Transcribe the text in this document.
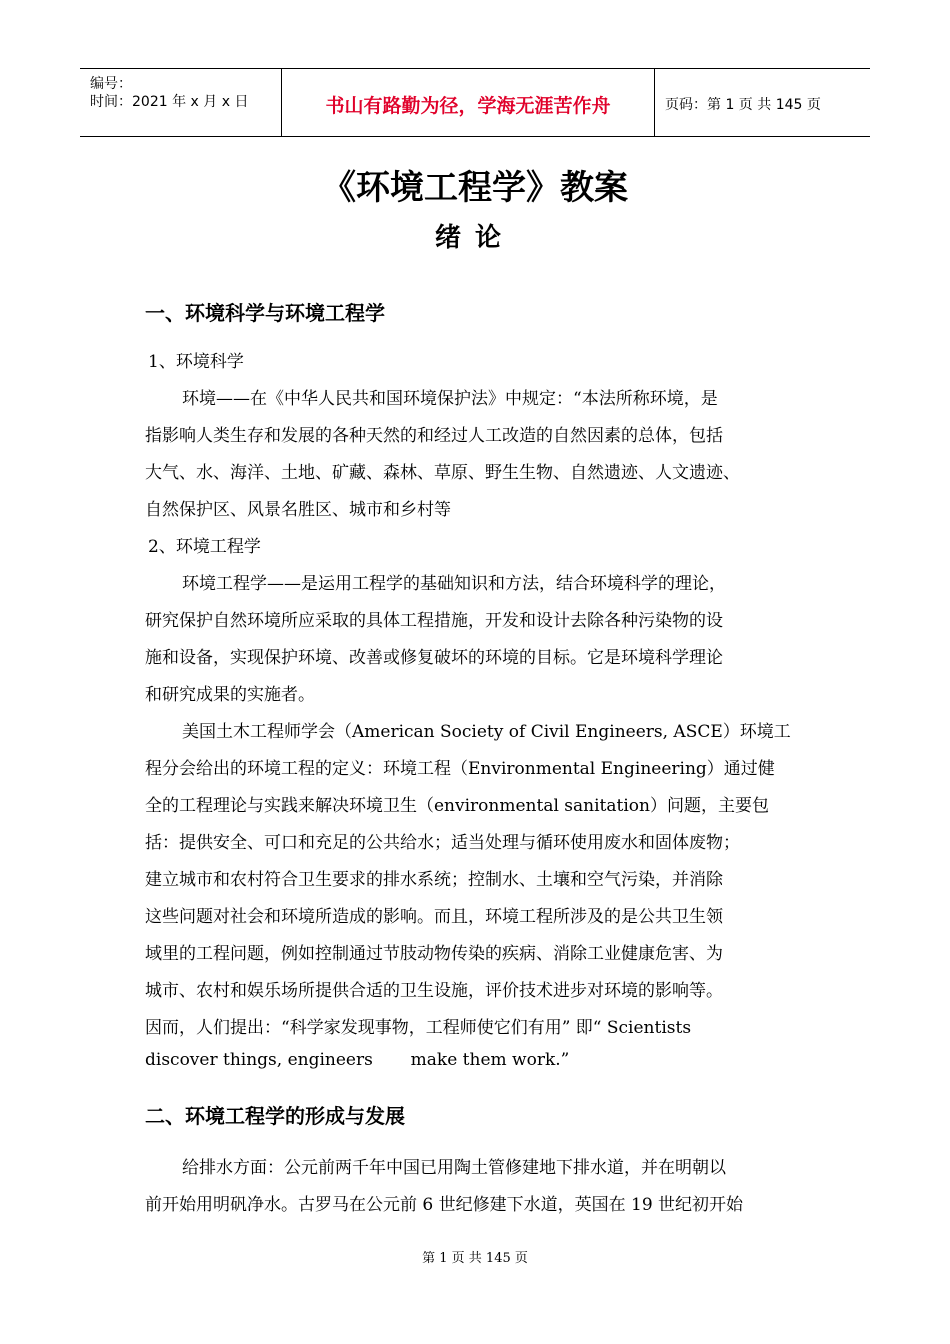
编号：
时间：2021 年 x 月 x 日	书山有路勤为径，学海无涯苦作舟	页码：第 1 页 共 145 页
《环境工程学》教案
绪论
一、环境科学与环境工程学
1、环境科学
环境——在《中华人民共和国环境保护法》中规定：“本法所称环境，是
指影响人类生存和发展的各种天然的和经过人工改造的自然因素的总体，包括
大气、水、海洋、土地、矿藏、森林、草原、野生生物、自然遗迹、人文遗迹、
自然保护区、风景名胜区、城市和乡村等
2、环境工程学
环境工程学——是运用工程学的基础知识和方法，结合环境科学的理论，
研究保护自然环境所应采取的具体工程措施，开发和设计去除各种污染物的设
施和设备，实现保护环境、改善或修复破坏的环境的目标。它是环境科学理论
和研究成果的实施者。
美国土木工程师学会（American Society of Civil Engineers, ASCE）环境工
程分会给出的环境工程的定义：环境工程（Environmental Engineering）通过健
全的工程理论与实践来解决环境卫生（environmental sanitation）问题，主要包
括：提供安全、可口和充足的公共给水；适当处理与循环使用废水和固体废物；
建立城市和农村符合卫生要求的排水系统；控制水、土壤和空气污染，并消除
这些问题对社会和环境所造成的影响。而且，环境工程所涉及的是公共卫生领
域里的工程问题，例如控制通过节肢动物传染的疾病、消除工业健康危害、为
城市、农村和娱乐场所提供合适的卫生设施，评价技术进步对环境的影响等。
因而，人们提出：“科学家发现事物，工程师使它们有用” 即“ Scientists
discover things, engineers       make them work.”
二、环境工程学的形成与发展
给排水方面：公元前两千年中国已用陶土管修建地下排水道，并在明朝以
前开始用明矾净水。古罗马在公元前 6 世纪修建下水道，英国在 19 世纪初开始
第 1 页 共 145 页
